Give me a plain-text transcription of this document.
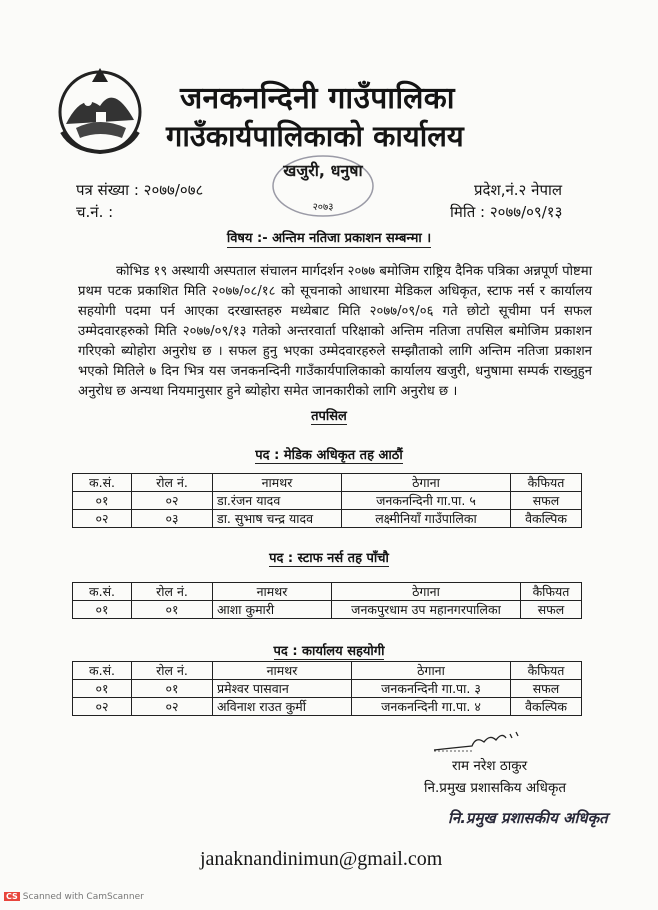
जनकनन्दिनी गाउँपालिका
गाउँकार्यपालिकाको कार्यालय
पत्र संख्या : २०७७/०७८
च.नं. :
प्रदेश,नं.२ नेपाल
मिति : २०७७/०९/१३
खजुरी, धनुषा
२०७३
विषय :- अन्तिम नतिजा प्रकाशन सम्बन्मा ।
कोभिड १९ अस्थायी अस्पताल संचालन मार्गदर्शन २०७७ बमोजिम राष्ट्रिय दैनिक पत्रिका अन्नपूर्ण पोष्टमा प्रथम पटक प्रकाशित मिति २०७७/०८/१८ को सूचनाको आधारमा मेडिकल अधिकृत, स्टाफ नर्स र कार्यालय सहयोगी पदमा पर्न आएका दरखास्तहरु मध्येबाट मिति २०७७/०९/०६ गते छोटो सूचीमा पर्न सफल उम्मेदवारहरुको मिति २०७७/०९/१३ गतेको अन्तरवार्ता परिक्षाको अन्तिम नतिजा तपसिल बमोजिम प्रकाशन गरिएको ब्योहोरा अनुरोध छ । सफल हुनु भएका उम्मेदवारहरुले सम्झौताको लागि अन्तिम नतिजा प्रकाशन भएको मितिले ७ दिन भित्र यस जनकनन्दिनी गाउँकार्यपालिकाको कार्यालय खजुरी, धनुषामा सम्पर्क राख्नुहुन अनुरोध छ अन्यथा नियमानुसार हुने ब्योहोरा समेत जानकारीको लागि अनुरोध छ ।
तपसिल
पद : मेडिक अधिकृत तह आठौं
क.सं.	रोल नं.	नामथर	ठेगाना	कैफियत
०१	०२	डा.रंजन यादव	जनकनन्दिनी गा.पा. ५	सफल
०२	०३	डा. सुभाष चन्द्र यादव	लक्ष्मीनियाँ गाउँपालिका	वैकल्पिक
पद : स्टाफ नर्स तह पाँचौ
क.सं.	रोल नं.	नामथर	ठेगाना	कैफियत
०१	०१	आशा कुमारी	जनकपुरधाम उप महानगरपालिका	सफल
पद : कार्यालय सहयोगी
क.सं.	रोल नं.	नामथर	ठेगाना	कैफियत
०१	०१	प्रमेश्वर पासवान	जनकनन्दिनी गा.पा. ३	सफल
०२	०२	अविनाश राउत कुर्मी	जनकनन्दिनी गा.पा. ४	वैकल्पिक
राम नरेश ठाकुर
नि.प्रमुख प्रशासकिय अधिकृत
नि.प्रमुख प्रशासकीय अधिकृत
janaknandinimun@gmail.com
CS Scanned with CamScanner
